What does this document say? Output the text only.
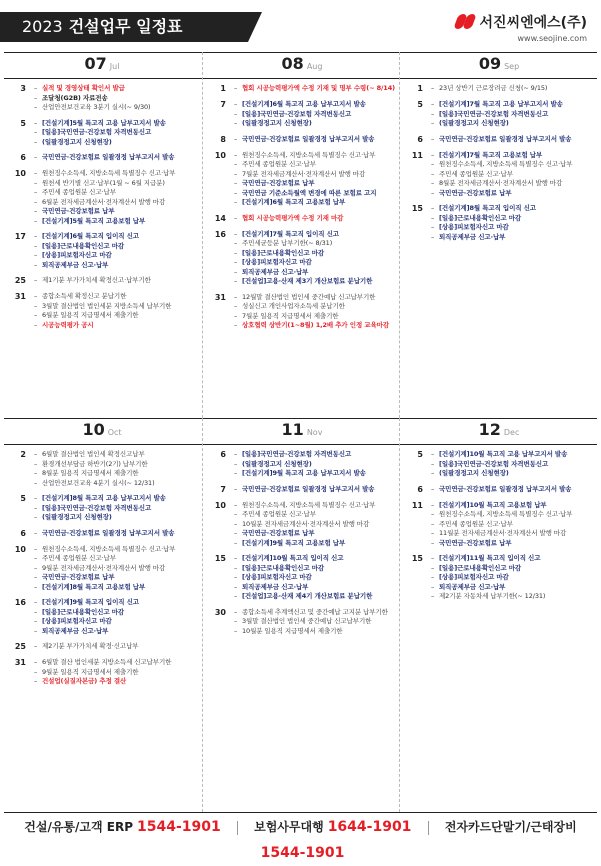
2023 건설업무 일정표	서진씨엔에스(주)
www.seojine.com
07 Jul
3	– 실적 및 경영상태 확인서 발급
– 조달청(G2B) 자료전송
– 산업안전보건교육 3분기 실시(~ 9/30)
5	– [건설기계]5월 특고직 고용 납부고지서 발송
– [일용]국민연금·건강보험 자격변동신고
– (일괄경정고지 신청현장)
6	– 국민연금·건강보험료 일괄경정 납부고지서 발송
10	– 원천징수소득세, 지방소득세 특별징수 신고·납부
– 원천세 반기별 신고·납부(1월 ~ 6월 지급분)
– 주민세 종업원분 신고·납부
– 6월분 전자세금계산서·전자계산서 발행 마감
– 국민연금·건강보험료 납부
– [건설기계]5월 특고직 고용보험 납부
17	– [건설기계]6월 특고직 입이직 신고
– [일용]근로내용확인신고 마감
– [상용]피보험자신고 마감
– 퇴직공제부금 신고·납부
25	– 제1기분 부가가치세 확정신고·납부기한
31	– 종합소득세 확정신고 분납기한
– 3월말 결산법인 법인세분 지방소득세 납부기한
– 6월분 일용직 지급명세서 제출기한
– 시공능력평가 공시
08 Aug
1	– 협회 시공능력평가액 수정 기재 및 명부 수령(~ 8/14)
7	– [건설기계]6월 특고직 고용 납부고지서 발송
– [일용]국민연금·건강보험 자격변동신고
– (일괄경정고지 신청현장)
8	– 국민연금·건강보험료 일괄경정 납부고지서 발송
10	– 원천징수소득세, 지방소득세 특별징수 신고·납부
– 주민세 종업원분 신고·납부
– 7월분 전자세금계산서·전자계산서 발행 마감
– 국민연금·건강보험료 납부
– 국민연금 기준소득월액 변경에 따른 보험료 고지
– [건설기계]6월 특고직 고용보험 납부
14	– 협회 시공능력평가액 수정 기재 마감
16	– [건설기계]7월 특고직 입이직 신고
– 주민세균등분 납부기한(~ 8/31)
– [일용]근로내용확인신고 마감
– [상용]피보험자신고 마감
– 퇴직공제부금 신고·납부
– [건설업]고용·산재 제3기 개산보험료 분납기한
31	– 12월말 결산법인 법인세 중간예납 신고납부기한
– 성실신고 개인사업자소득세 분납기한
– 7월분 일용직 지급명세서 제출기한
– 상호협력 상반기(1~8월) 1,2배 추가 인정 교육마감
09 Sep
1	– 23년 상반기 근로장려금 신청(~ 9/15)
5	– [건설기계]7월 특고직 고용 납부고지서 발송
– [일용]국민연금·건강보험 자격변동신고
– (일괄경정고지 신청현장)
6	– 국민연금·건강보험료 일괄경정 납부고지서 발송
11	– [건설기계]7월 특고직 고용보험 납부
– 원천징수소득세, 지방소득세 특별징수 신고·납부
– 주민세 종업원분 신고·납부
– 8월분 전자세금계산서·전자계산서 발행 마감
– 국민연금·건강보험료 납부
15	– [건설기계]8월 특고직 입이직 신고
– [일용]근로내용확인신고 마감
– [상용]피보험자신고 마감
– 퇴직공제부금 신고·납부
10 Oct
2	– 6월말 결산법인 법인세 확정신고납부
– 환경개선부담금 하반기(2기) 납부기한
– 8월분 일용직 지급명세서 제출기한
– 산업안전보건교육 4분기 실시(~ 12/31)
5	– [건설기계]8월 특고직 고용 납부고지서 발송
– [일용]국민연금·건강보험 자격변동신고
– (일괄경정고지 신청현장)
6	– 국민연금·건강보험료 일괄경정 납부고지서 발송
10	– 원천징수소득세, 지방소득세 특별징수 신고·납부
– 주민세 종업원분 신고·납부
– 9월분 전자세금계산서·전자계산서 발행 마감
– 국민연금·건강보험료 납부
– [건설기계]8월 특고직 고용보험 납부
16	– [건설기계]9월 특고직 입이직 신고
– [일용]근로내용확인신고 마감
– [상용]피보험자신고 마감
– 퇴직공제부금 신고·납부
25	– 제2기분 부가가치세 확정·신고납부
31	– 6월말 결산 법인세분 지방소득세 신고납부기한
– 9월분 일용직 지급명세서 제출기한
– 건설업(실질자본금) 추정 결산
11 Nov
6	– [일용]국민연금·건강보험 자격변동신고
– (일괄경정고지 신청현장)
– [건설기계]9월 특고직 고용 납부고지서 발송
7	– 국민연금·건강보험료 일괄경정 납부고지서 발송
10	– 원천징수소득세, 지방소득세 특별징수 신고·납부
– 주민세 종업원분 신고·납부
– 10월분 전자세금계산서·전자계산서 발행 마감
– 국민연금·건강보험료 납부
– [건설기계]9월 특고직 고용보험 납부
15	– [건설기계]10월 특고직 입이직 신고
– [일용]근로내용확인신고 마감
– [상용]피보험자신고 마감
– 퇴직공제부금 신고·납부
– [건설업]고용·산재 제4기 개산보험료 분납기한
30	– 종합소득세 추계액신고 및 중간예납 고지분 납부기한
– 3월말 결산법인 법인세 중간예납 신고납부기한
– 10월분 일용직 지급명세서 제출기한
12 Dec
5	– [건설기계]10월 특고직 고용 납부고지서 발송
– [일용]국민연금·건강보험 자격변동신고
– (일괄경정고지 신청현장)
6	– 국민연금·건강보험료 일괄경정 납부고지서 발송
11	– [건설기계]10월 특고직 고용보험 납부
– 원천징수소득세, 지방소득세 특별징수 신고·납부
– 주민세 종업원분 신고·납부
– 11월분 전자세금계산서·전자계산서 발행 마감
– 국민연금·건강보험료 납부
15	– [건설기계]11월 특고직 입이직 신고
– [일용]근로내용확인신고 마감
– [상용]피보험자신고 마감
– 퇴직공제부금 신고·납부
– 제2기분 자동차세 납부기한(~ 12/31)
건설/유통/고객 ERP 1544-1901	보험사무대행 1644-1901	전자카드단말기/근태장비1544-1901
